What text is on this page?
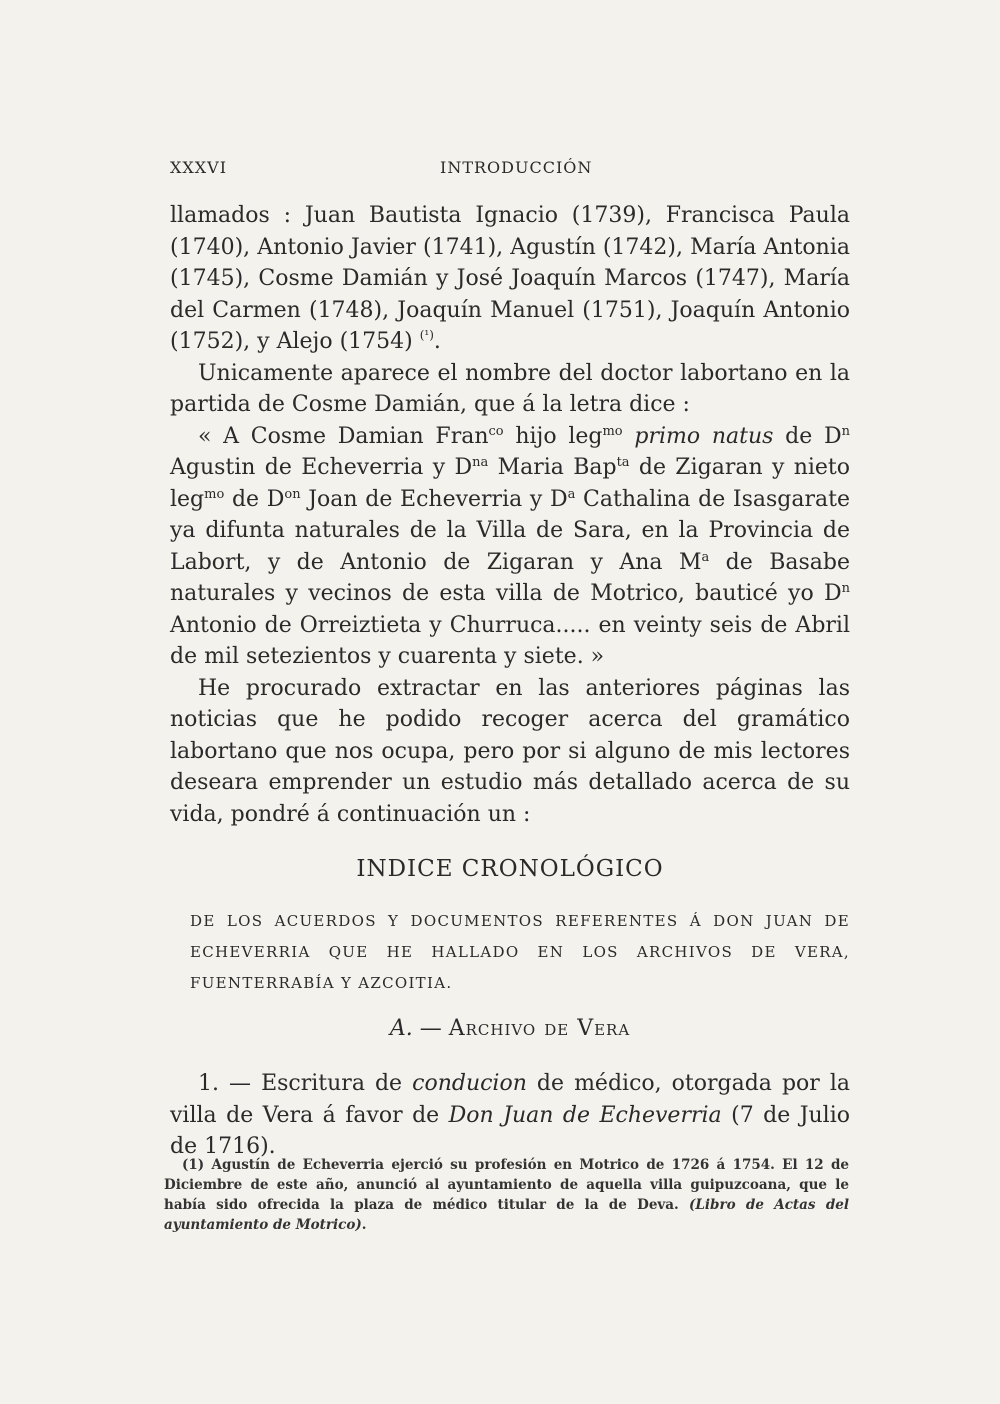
XXXVI	INTRODUCCIÓN

llamados : Juan Bautista Ignacio (1739), Francisca Paula (1740), Antonio Javier (1741), Agustín (1742), María Antonia (1745), Cosme Damián y José Joaquín Marcos (1747), María del Carmen (1748), Joaquín Manuel (1751), Joaquín Antonio (1752), y Alejo (1754) $^{(^1)}$.

Unicamente aparece el nombre del doctor labortano en la partida de Cosme Damián, que á la letra dice :

« A Cosme Damian Fran$^{co}$ hijo leg$^{mo}$ primo natus de $D^n$ Agustin de Echeverria y $D^{na}$ Maria Bap$^{ta}$ de Zigaran y nieto leg$^{mo}$ de $D^{on}$ Joan de Echeverria y $D^a$ Cathalina de Isasgarate ya difunta naturales de la Villa de Sara, en la Provincia de Labort, y de Antonio de Zigaran y Ana $M^a$ de Basabe naturales y vecinos de esta villa de Motrico, bauticé yo $D^n$ Antonio de Orreiztieta y Churruca..... en veinty seis de Abril de mil setezientos y cuarenta y siete. »

He procurado extractar en las anteriores páginas las noticias que he podido recoger acerca del gramático labortano que nos ocupa, pero por si alguno de mis lectores deseara emprender un estudio más detallado acerca de su vida, pondré á continuación un :

INDICE CRONOLÓGICO
DE LOS ACUERDOS Y DOCUMENTOS REFERENTES Á DON JUAN DE ECHEVERRIA QUE HE HALLADO EN LOS ARCHIVOS DE VERA, FUENTERRABÍA Y AZCOITIA.
A. — Archivo de Vera
1. — Escritura de conducion de médico, otorgada por la villa de Vera á favor de Don Juan de Echeverria (7 de Julio de 1716).

(1) Agustín de Echeverria ejerció su profesión en Motrico de 1726 á 1754. El 12 de Diciembre de este año, anunció al ayuntamiento de aquella villa guipuzcoana, que le había sido ofrecida la plaza de médico titular de la de Deva. (Libro de Actas del ayuntamiento de Motrico).
